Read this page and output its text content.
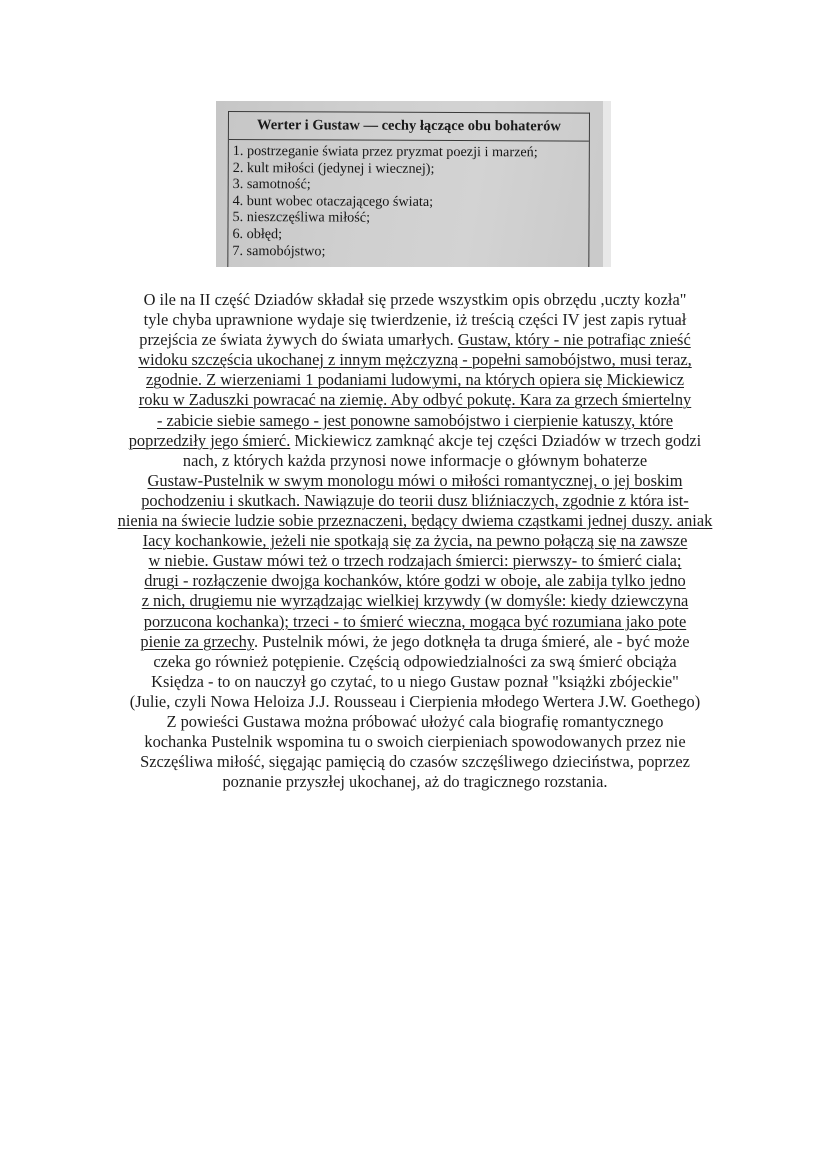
Werter i Gustaw — cechy łączące obu bohaterów
1. postrzeganie świata przez pryzmat poezji i marzeń;
2. kult miłości (jedynej i wiecznej);
3. samotność;
4. bunt wobec otaczającego świata;
5. nieszczęśliwa miłość;
6. obłęd;
7. samobójstwo;
O ile na II część Dziadów składał się przede wszystkim opis obrzędu ,uczty kozła"
tyle chyba uprawnione wydaje się twierdzenie, iż treścią części IV jest zapis rytuał
przejścia ze świata żywych do świata umarłych. Gustaw, który - nie potrafiąc znieść
widoku szczęścia ukochanej z innym mężczyzną - popełni samobójstwo, musi teraz,
zgodnie. Z wierzeniami 1 podaniami ludowymi, na których opiera się Mickiewicz
roku w Zaduszki powracać na ziemię. Aby odbyć pokutę. Kara za grzech śmiertelny
- zabicie siebie samego - jest ponowne samobójstwo i cierpienie katuszy, które
poprzedziły jego śmierć. Mickiewicz zamknąć akcje tej części Dziadów w trzech godzi
nach, z których każda przynosi nowe informacje o głównym bohaterze
Gustaw-Pustelnik w swym monologu mówi o miłości romantycznej, o jej boskim
pochodzeniu i skutkach. Nawiązuje do teorii dusz bliźniaczych, zgodnie z która ist-
nienia na świecie ludzie sobie przeznaczeni, będący dwiema cząstkami jednej duszy. aniak
Iacy kochankowie, jeżeli nie spotkają się za życia, na pewno połączą się na zawsze
w niebie. Gustaw mówi też o trzech rodzajach śmierci: pierwszy- to śmierć ciala;
drugi - rozłączenie dwojga kochanków, które godzi w oboje, ale zabija tylko jedno
z nich, drugiemu nie wyrządzając wielkiej krzywdy (w domyśle: kiedy dziewczyna
porzucona kochanka); trzeci - to śmierć wieczna, mogąca być rozumiana jako pote
pienie za grzechy. Pustelnik mówi, że jego dotknęła ta druga śmieré, ale - być może
czeka go również potępienie. Częścią odpowiedzialności za swą śmierć obciąża
Księdza - to on nauczył go czytać, to u niego Gustaw poznał "książki zbójeckie"
(Julie, czyli Nowa Heloiza J.J. Rousseau i Cierpienia młodego Wertera J.W. Goethego)
Z powieści Gustawa można próbować ułożyć cala biografię romantycznego
kochanka Pustelnik wspomina tu o swoich cierpieniach spowodowanych przez nie
Szczęśliwa miłość, sięgając pamięcią do czasów szczęśliwego dzieciństwa, poprzez
poznanie przyszłej ukochanej, aż do tragicznego rozstania.
